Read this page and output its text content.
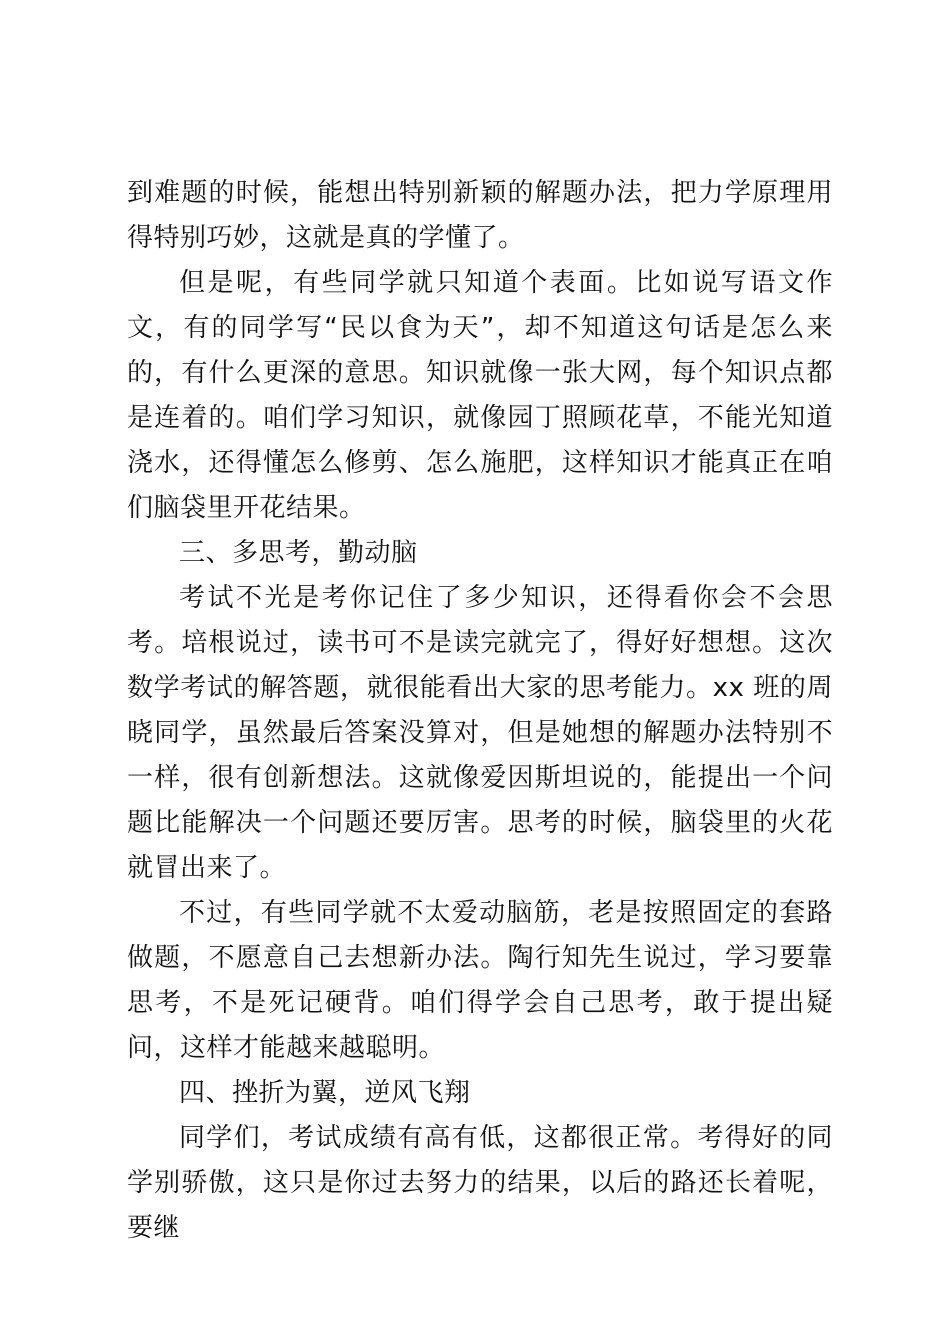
到难题的时候，能想出特别新颖的解题办法，把力学原理用得特别巧妙，这就是真的学懂了。

但是呢，有些同学就只知道个表面。比如说写语文作文，有的同学写“民以食为天”，却不知道这句话是怎么来的，有什么更深的意思。知识就像一张大网，每个知识点都是连着的。咱们学习知识，就像园丁照顾花草，不能光知道浇水，还得懂怎么修剪、怎么施肥，这样知识才能真正在咱们脑袋里开花结果。

三、多思考，勤动脑

考试不光是考你记住了多少知识，还得看你会不会思考。培根说过，读书可不是读完就完了，得好好想想。这次数学考试的解答题，就很能看出大家的思考能力。xx 班的周晓同学，虽然最后答案没算对，但是她想的解题办法特别不一样，很有创新想法。这就像爱因斯坦说的，能提出一个问题比能解决一个问题还要厉害。思考的时候，脑袋里的火花就冒出来了。

不过，有些同学就不太爱动脑筋，老是按照固定的套路做题，不愿意自己去想新办法。陶行知先生说过，学习要靠思考，不是死记硬背。咱们得学会自己思考，敢于提出疑问，这样才能越来越聪明。

四、挫折为翼，逆风飞翔

同学们，考试成绩有高有低，这都很正常。考得好的同学别骄傲，这只是你过去努力的结果，以后的路还长着呢，要继
